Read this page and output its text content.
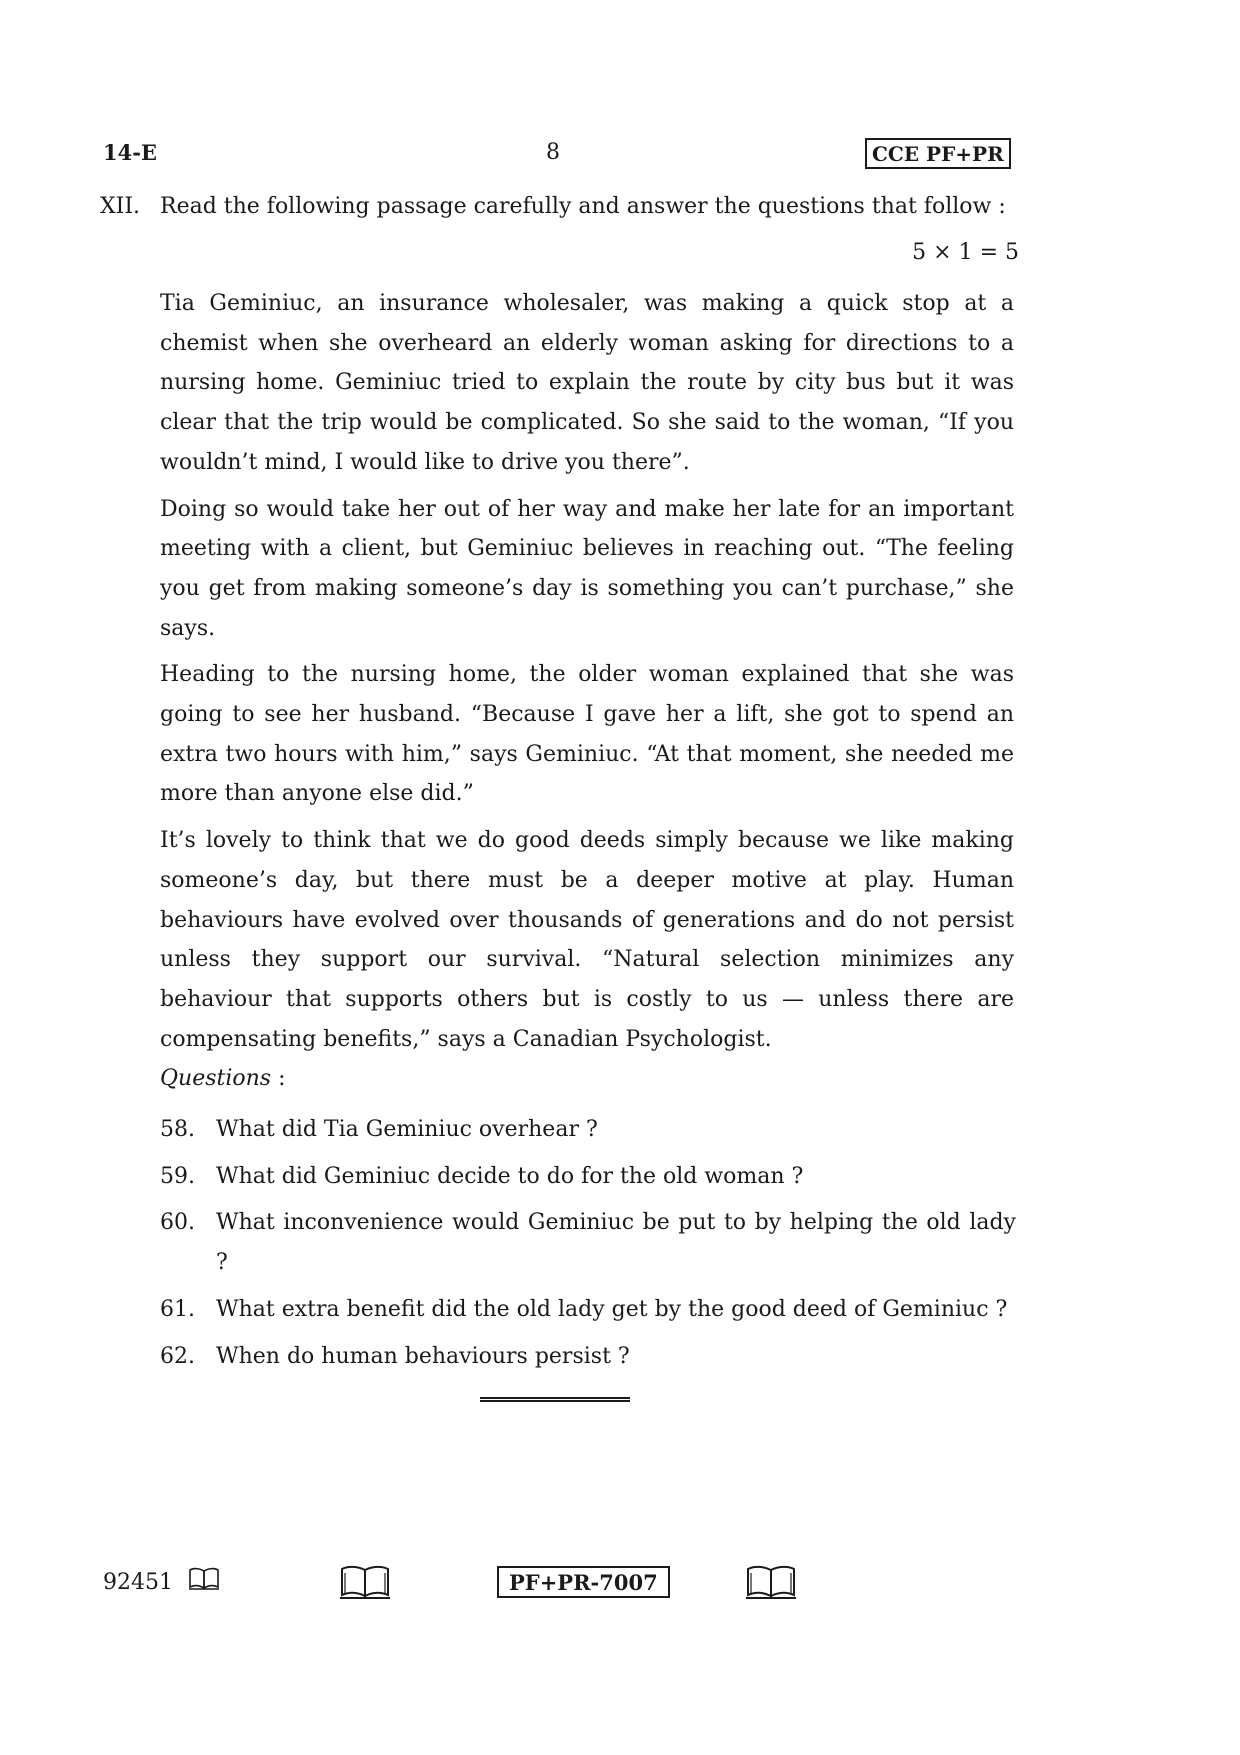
14-E	8	CCE PF+PR
XII. Read the following passage carefully and answer the questions that follow :
5 × 1 = 5

Tia Geminiuc, an insurance wholesaler, was making a quick stop at a chemist when she overheard an elderly woman asking for directions to a nursing home. Geminiuc tried to explain the route by city bus but it was clear that the trip would be complicated. So she said to the woman, “If you wouldn’t mind, I would like to drive you there”.

Doing so would take her out of her way and make her late for an important meeting with a client, but Geminiuc believes in reaching out. “The feeling you get from making someone’s day is something you can’t purchase,” she says.

Heading to the nursing home, the older woman explained that she was going to see her husband. “Because I gave her a lift, she got to spend an extra two hours with him,” says Geminiuc. “At that moment, she needed me more than anyone else did.”

It’s lovely to think that we do good deeds simply because we like making someone’s day, but there must be a deeper motive at play. Human behaviours have evolved over thousands of generations and do not persist unless they support our survival. “Natural selection minimizes any behaviour that supports others but is costly to us — unless there are compensating benefits,” says a Canadian Psychologist.

Questions :
58. What did Tia Geminiuc overhear ?
59. What did Geminiuc decide to do for the old woman ?
60. What inconvenience would Geminiuc be put to by helping the old lady ?
61. What extra benefit did the old lady get by the good deed of Geminiuc ?
62. When do human behaviours persist ?
92451	PF+PR-7007
